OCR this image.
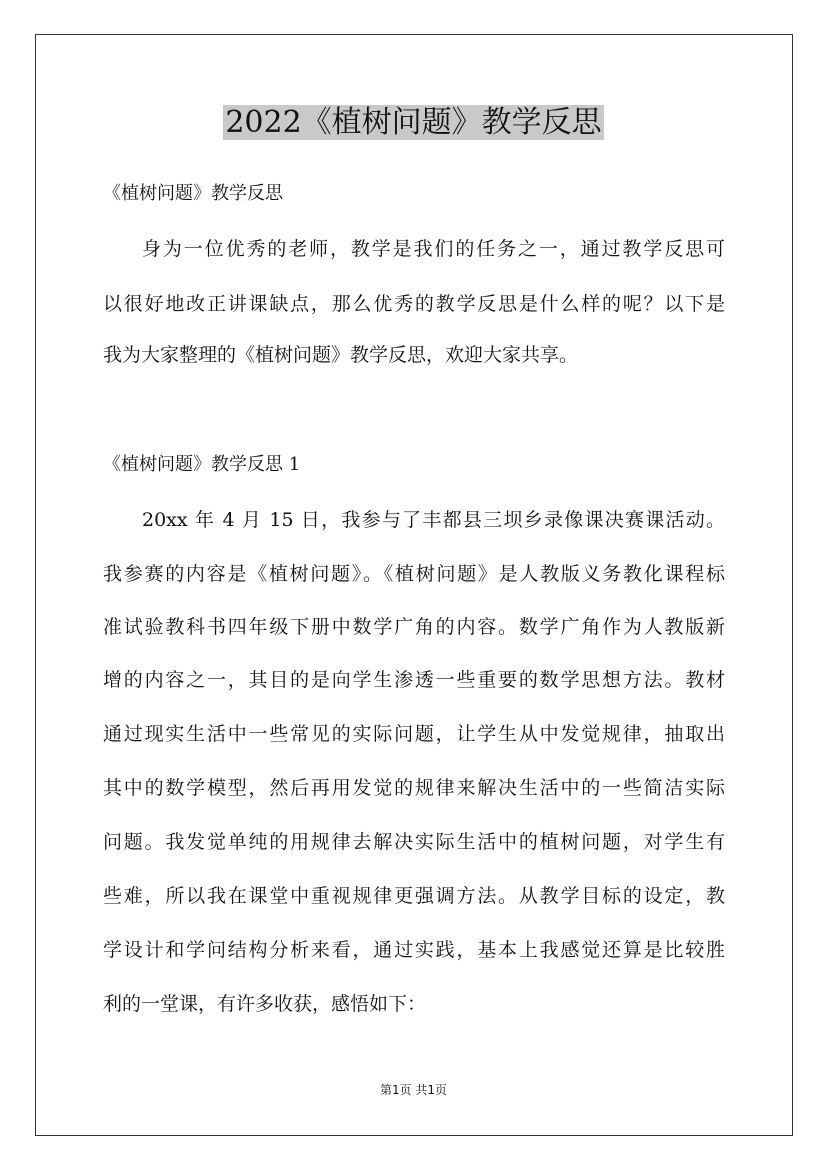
2022《植树问题》教学反思
《植树问题》教学反思
身为一位优秀的老师，教学是我们的任务之一，通过教学反思可
以很好地改正讲课缺点，那么优秀的教学反思是什么样的呢？以下是
我为大家整理的《植树问题》教学反思，欢迎大家共享。
《植树问题》教学反思 1
20xx 年 4 月 15 日，我参与了丰都县三坝乡录像课决赛课活动。
我参赛的内容是《植树问题》。《植树问题》是人教版义务教化课程标
准试验教科书四年级下册中数学广角的内容。数学广角作为人教版新
增的内容之一，其目的是向学生渗透一些重要的数学思想方法。教材
通过现实生活中一些常见的实际问题，让学生从中发觉规律，抽取出
其中的数学模型，然后再用发觉的规律来解决生活中的一些简洁实际
问题。我发觉单纯的用规律去解决实际生活中的植树问题，对学生有
些难，所以我在课堂中重视规律更强调方法。从教学目标的设定，教
学设计和学问结构分析来看，通过实践，基本上我感觉还算是比较胜
利的一堂课，有许多收获，感悟如下：
第1页 共1页
